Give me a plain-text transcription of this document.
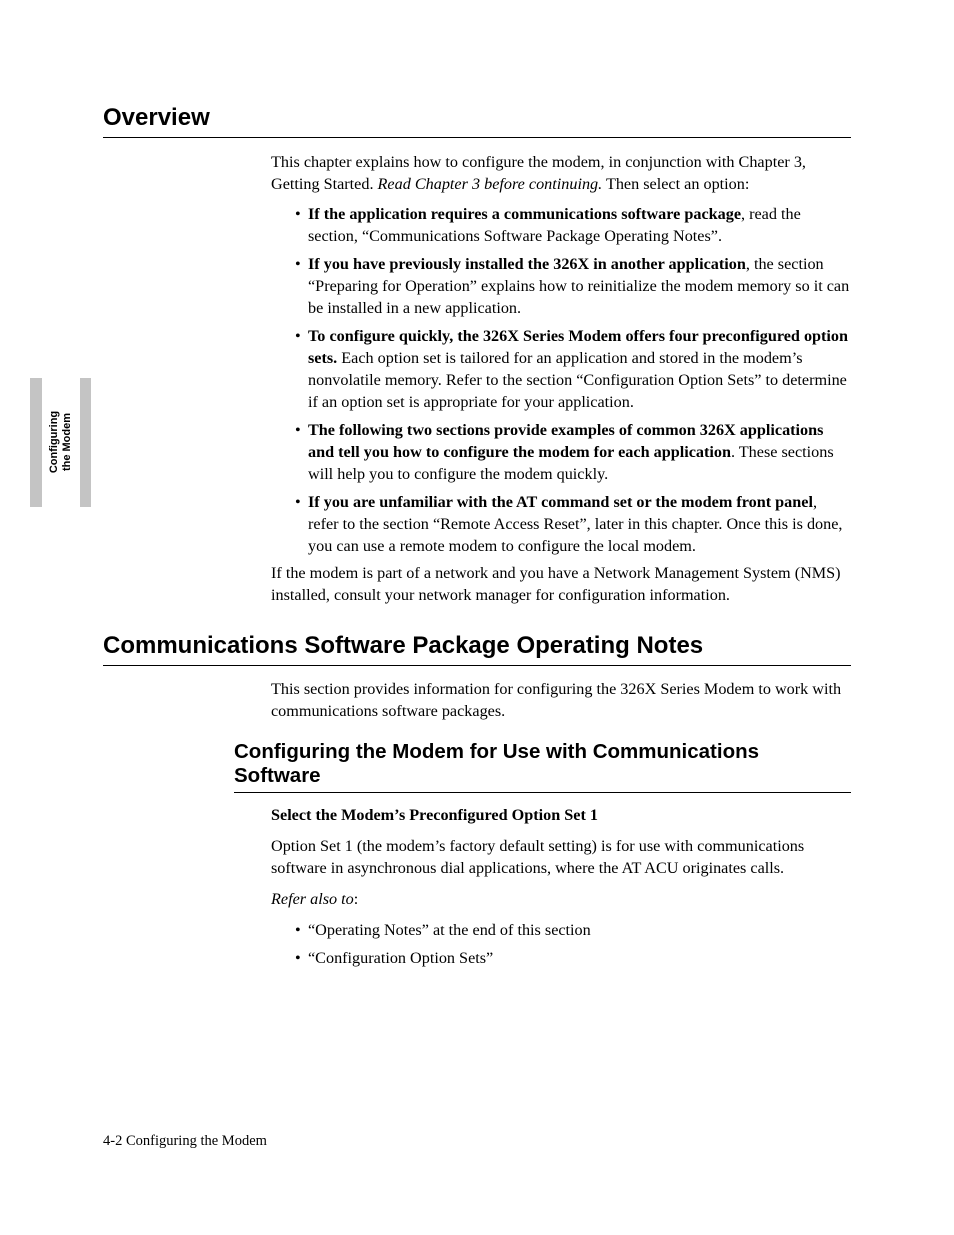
Configuring the Modem
Overview

This chapter explains how to configure the modem, in conjunction with Chapter 3, Getting Started. Read Chapter 3 before continuing. Then select an option:

• If the application requires a communications software package, read the section, “Communications Software Package Operating Notes”.
• If you have previously installed the 326X in another application, the section “Preparing for Operation” explains how to reinitialize the modem memory so it can be installed in a new application.
• To configure quickly, the 326X Series Modem offers four preconfigured option sets. Each option set is tailored for an application and stored in the modem’s nonvolatile memory. Refer to the section “Configuration Option Sets” to determine if an option set is appropriate for your application.
• The following two sections provide examples of common 326X applications and tell you how to configure the modem for each application. These sections will help you to configure the modem quickly.
• If you are unfamiliar with the AT command set or the modem front panel, refer to the section “Remote Access Reset”, later in this chapter. Once this is done, you can use a remote modem to configure the local modem.

If the modem is part of a network and you have a Network Management System (NMS) installed, consult your network manager for configuration information.

Communications Software Package Operating Notes

This section provides information for configuring the 326X Series Modem to work with communications software packages.

Configuring the Modem for Use with Communications Software

Select the Modem’s Preconfigured Option Set 1

Option Set 1 (the modem’s factory default setting) is for use with communications software in asynchronous dial applications, where the AT ACU originates calls.

Refer also to:

• “Operating Notes” at the end of this section
• “Configuration Option Sets”
4-2 Configuring the Modem
